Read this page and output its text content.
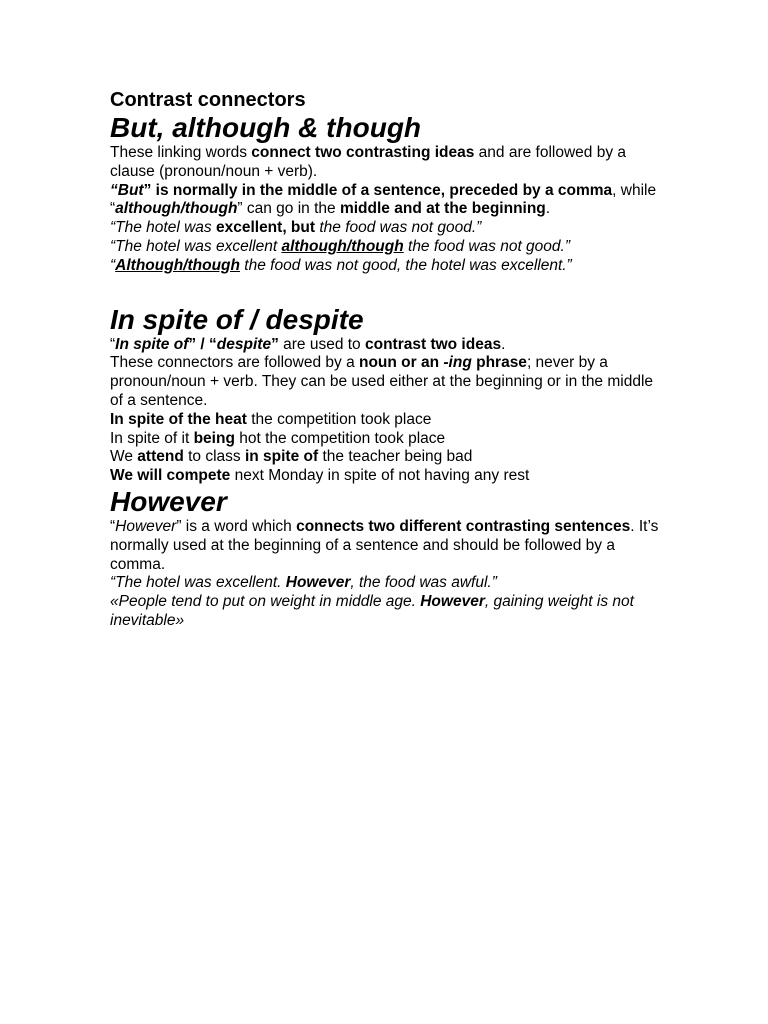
Contrast connectors
But, although & though

These linking words connect two contrasting ideas and are followed by a clause (pronoun/noun + verb).

“But” is normally in the middle of a sentence, preceded by a comma, while “although/though” can go in the middle and at the beginning.

“The hotel was excellent, but the food was not good.”

“The hotel was excellent although/though the food was not good.”

“Although/though the food was not good, the hotel was excellent.”

In spite of / despite

“In spite of” / “despite” are used to contrast two ideas.

These connectors are followed by a noun or an -ing phrase; never by a pronoun/noun + verb. They can be used either at the beginning or in the middle of a sentence.

In spite of the heat the competition took place

In spite of it being hot the competition took place

We attend to class in spite of the teacher being bad

We will compete next Monday in spite of not having any rest

However

“However” is a word which connects two different contrasting sentences. It’s normally used at the beginning of a sentence and should be followed by a comma.

“The hotel was excellent. However, the food was awful.”

«People tend to put on weight in middle age. However, gaining weight is not inevitable»
